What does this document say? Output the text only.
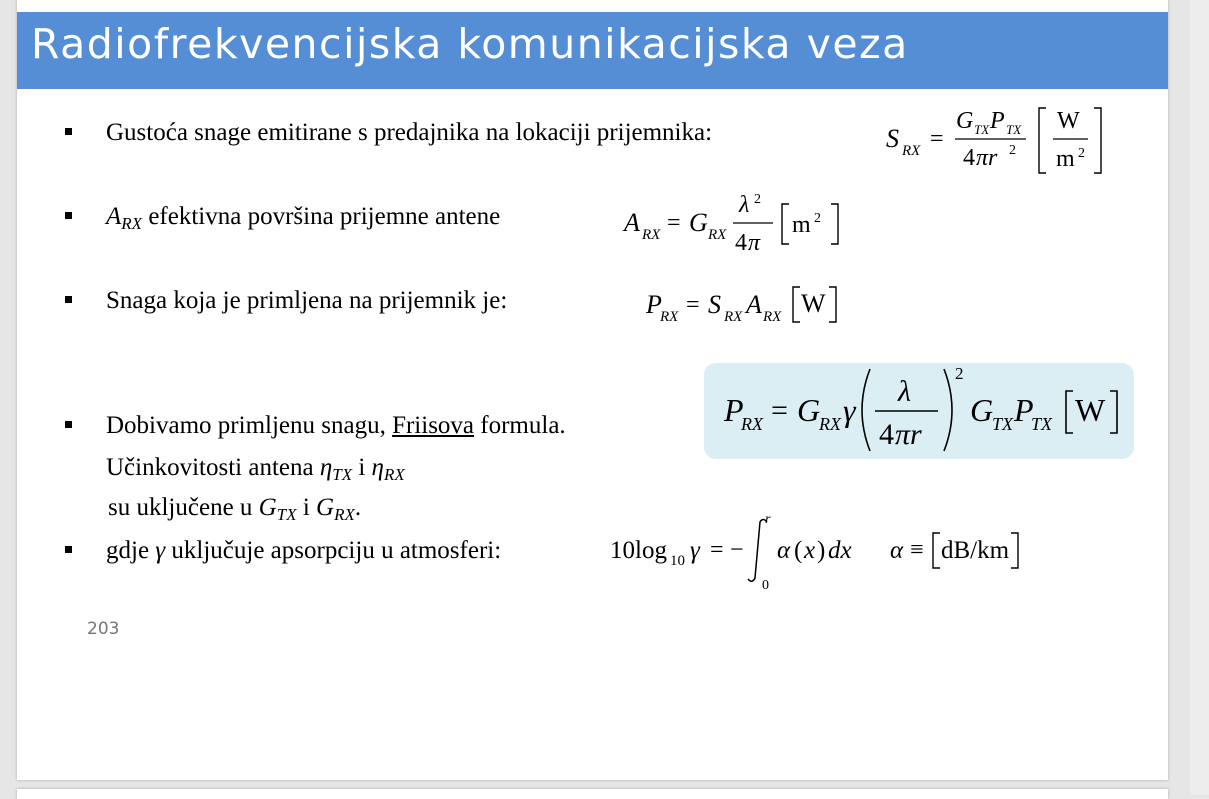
Radiofrekvencijska komunikacijska veza
Gustoća snage emitirane s predajnika na lokaciji prijemnika:	S RX =
G TX P TX
4 πr 2
W
m 2
$A_{RX}$ efektivna površina prijemne antene	A RX = G RX
λ 2
4 π
m 2
Snaga koja je primljena na prijemnik je:	P
RX = S RX A RX W
P
RX = G
RX γ
λ
4 πr
2
G
TX P
TX W
Dobivamo primljenu snagu, Friisova formula.
Učinkovitosti antena $\eta_{TX}$ i $\eta_{RX}$
su uključene u $G_{TX}$ i $G_{RX}$.
gdje γ uključuje apsorpciju u atmosferi:	10 log 10 γ = −
r
0
α ( x ) dx α ≡ dB/km
203
